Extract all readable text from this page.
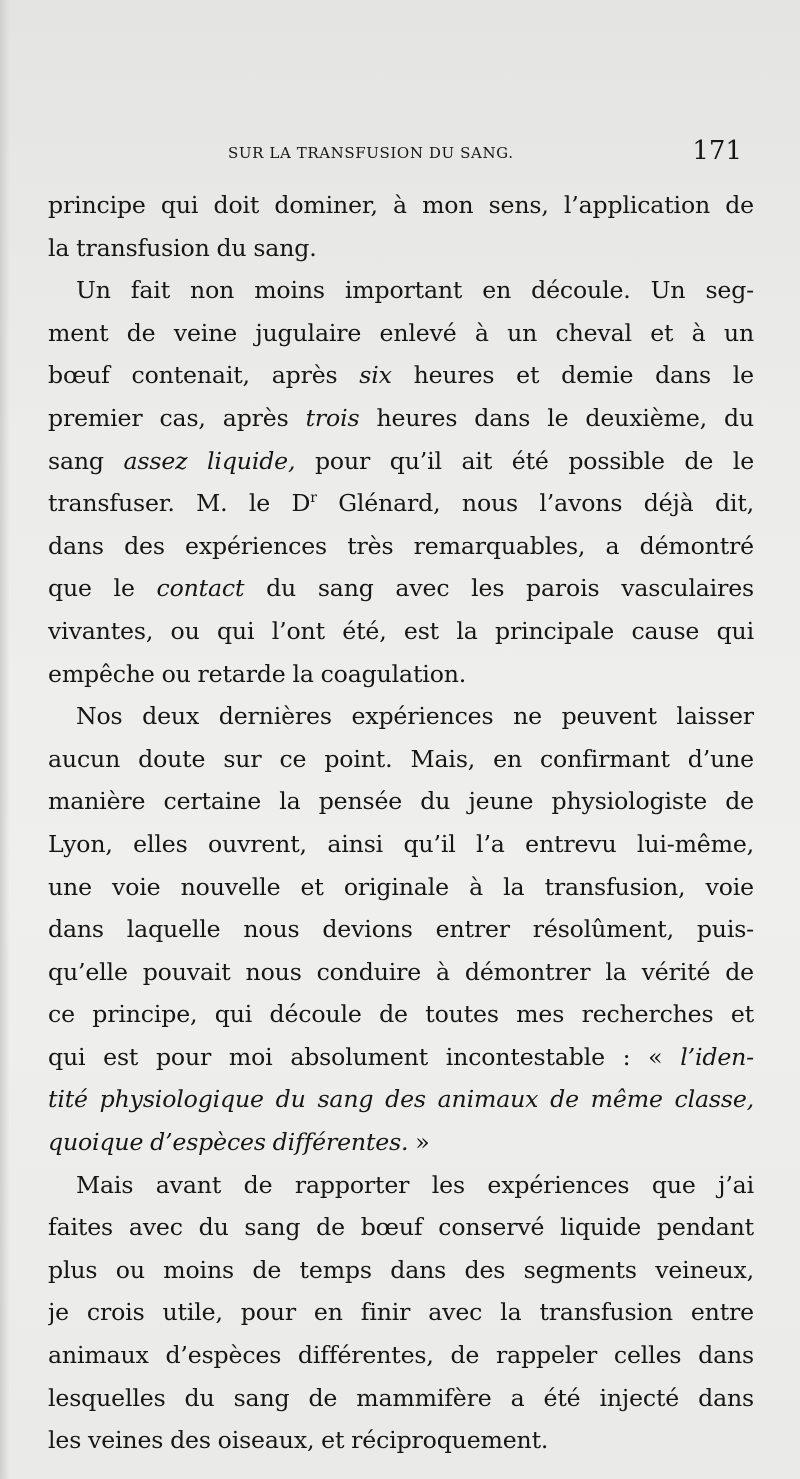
SUR LA TRANSFUSION DU SANG.	171
principe qui doit dominer, à mon sens, l’application de
la transfusion du sang.
Un fait non moins important en découle. Un seg-
ment de veine jugulaire enlevé à un cheval et à un
bœuf contenait, après six heures et demie dans le
premier cas, après trois heures dans le deuxième, du
sang assez liquide, pour qu’il ait été possible de le
transfuser. M. le $D^r$ Glénard, nous l’avons déjà dit,
dans des expériences très remarquables, a démontré
que le contact du sang avec les parois vasculaires
vivantes, ou qui l’ont été, est la principale cause qui
empêche ou retarde la coagulation.
Nos deux dernières expériences ne peuvent laisser
aucun doute sur ce point. Mais, en confirmant d’une
manière certaine la pensée du jeune physiologiste de
Lyon, elles ouvrent, ainsi qu’il l’a entrevu lui-même,
une voie nouvelle et originale à la transfusion, voie
dans laquelle nous devions entrer résolûment, puis-
qu’elle pouvait nous conduire à démontrer la vérité de
ce principe, qui découle de toutes mes recherches et
qui est pour moi absolument incontestable : « l’iden-
tité physiologique du sang des animaux de même classe,
quoique d’espèces différentes. »
Mais avant de rapporter les expériences que j’ai
faites avec du sang de bœuf conservé liquide pendant
plus ou moins de temps dans des segments veineux,
je crois utile, pour en finir avec la transfusion entre
animaux d’espèces différentes, de rappeler celles dans
lesquelles du sang de mammifère a été injecté dans
les veines des oiseaux, et réciproquement.
